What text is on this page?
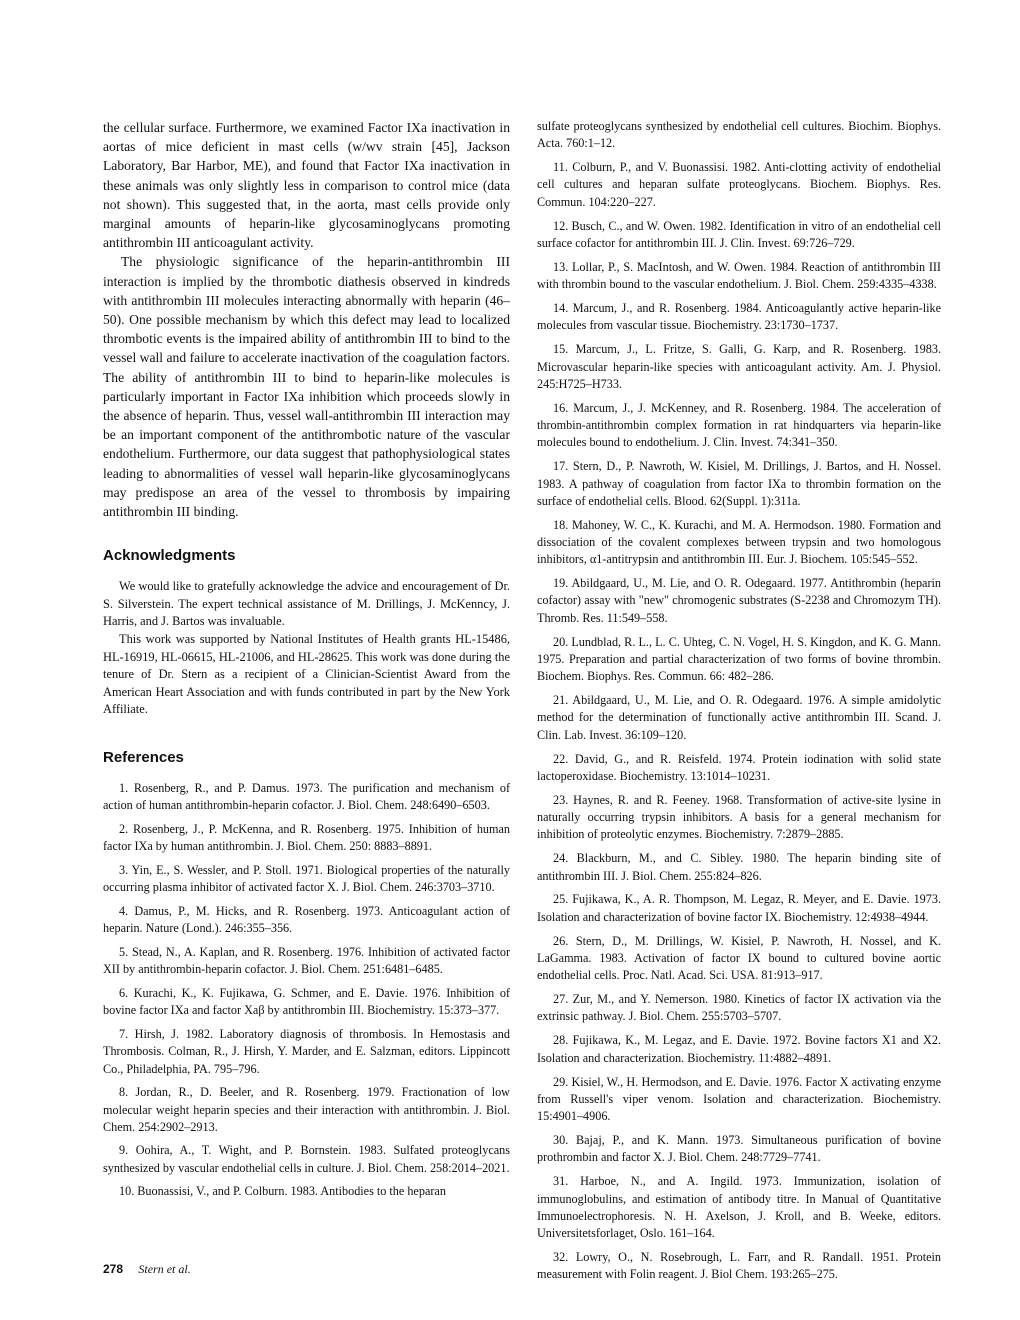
the cellular surface. Furthermore, we examined Factor IXa inactivation in aortas of mice deficient in mast cells (w/wv strain [45], Jackson Laboratory, Bar Harbor, ME), and found that Factor IXa inactivation in these animals was only slightly less in comparison to control mice (data not shown). This suggested that, in the aorta, mast cells provide only marginal amounts of heparin-like glycosaminoglycans promoting antithrombin III anticoagulant activity.

The physiologic significance of the heparin-antithrombin III interaction is implied by the thrombotic diathesis observed in kindreds with antithrombin III molecules interacting abnormally with heparin (46–50). One possible mechanism by which this defect may lead to localized thrombotic events is the impaired ability of antithrombin III to bind to the vessel wall and failure to accelerate inactivation of the coagulation factors. The ability of antithrombin III to bind to heparin-like molecules is particularly important in Factor IXa inhibition which proceeds slowly in the absence of heparin. Thus, vessel wall-antithrombin III interaction may be an important component of the antithrombotic nature of the vascular endothelium. Furthermore, our data suggest that pathophysiological states leading to abnormalities of vessel wall heparin-like glycosaminoglycans may predispose an area of the vessel to thrombosis by impairing antithrombin III binding.

Acknowledgments

We would like to gratefully acknowledge the advice and encouragement of Dr. S. Silverstein. The expert technical assistance of M. Drillings, J. McKenncy, J. Harris, and J. Bartos was invaluable.

This work was supported by National Institutes of Health grants HL-15486, HL-16919, HL-06615, HL-21006, and HL-28625. This work was done during the tenure of Dr. Stern as a recipient of a Clinician-Scientist Award from the American Heart Association and with funds contributed in part by the New York Affiliate.

References

1. Rosenberg, R., and P. Damus. 1973. The purification and mechanism of action of human antithrombin-heparin cofactor. J. Biol. Chem. 248:6490–6503.

2. Rosenberg, J., P. McKenna, and R. Rosenberg. 1975. Inhibition of human factor IXa by human antithrombin. J. Biol. Chem. 250: 8883–8891.

3. Yin, E., S. Wessler, and P. Stoll. 1971. Biological properties of the naturally occurring plasma inhibitor of activated factor X. J. Biol. Chem. 246:3703–3710.

4. Damus, P., M. Hicks, and R. Rosenberg. 1973. Anticoagulant action of heparin. Nature (Lond.). 246:355–356.

5. Stead, N., A. Kaplan, and R. Rosenberg. 1976. Inhibition of activated factor XII by antithrombin-heparin cofactor. J. Biol. Chem. 251:6481–6485.

6. Kurachi, K., K. Fujikawa, G. Schmer, and E. Davie. 1976. Inhibition of bovine factor IXa and factor Xaβ by antithrombin III. Biochemistry. 15:373–377.

7. Hirsh, J. 1982. Laboratory diagnosis of thrombosis. In Hemostasis and Thrombosis. Colman, R., J. Hirsh, Y. Marder, and E. Salzman, editors. Lippincott Co., Philadelphia, PA. 795–796.

8. Jordan, R., D. Beeler, and R. Rosenberg. 1979. Fractionation of low molecular weight heparin species and their interaction with antithrombin. J. Biol. Chem. 254:2902–2913.

9. Oohira, A., T. Wight, and P. Bornstein. 1983. Sulfated proteoglycans synthesized by vascular endothelial cells in culture. J. Biol. Chem. 258:2014–2021.

10. Buonassisi, V., and P. Colburn. 1983. Antibodies to the heparan

sulfate proteoglycans synthesized by endothelial cell cultures. Biochim. Biophys. Acta. 760:1–12.

11. Colburn, P., and V. Buonassisi. 1982. Anti-clotting activity of endothelial cell cultures and heparan sulfate proteoglycans. Biochem. Biophys. Res. Commun. 104:220–227.

12. Busch, C., and W. Owen. 1982. Identification in vitro of an endothelial cell surface cofactor for antithrombin III. J. Clin. Invest. 69:726–729.

13. Lollar, P., S. MacIntosh, and W. Owen. 1984. Reaction of antithrombin III with thrombin bound to the vascular endothelium. J. Biol. Chem. 259:4335–4338.

14. Marcum, J., and R. Rosenberg. 1984. Anticoagulantly active heparin-like molecules from vascular tissue. Biochemistry. 23:1730–1737.

15. Marcum, J., L. Fritze, S. Galli, G. Karp, and R. Rosenberg. 1983. Microvascular heparin-like species with anticoagulant activity. Am. J. Physiol. 245:H725–H733.

16. Marcum, J., J. McKenney, and R. Rosenberg. 1984. The acceleration of thrombin-antithrombin complex formation in rat hindquarters via heparin-like molecules bound to endothelium. J. Clin. Invest. 74:341–350.

17. Stern, D., P. Nawroth, W. Kisiel, M. Drillings, J. Bartos, and H. Nossel. 1983. A pathway of coagulation from factor IXa to thrombin formation on the surface of endothelial cells. Blood. 62(Suppl. 1):311a.

18. Mahoney, W. C., K. Kurachi, and M. A. Hermodson. 1980. Formation and dissociation of the covalent complexes between trypsin and two homologous inhibitors, α1-antitrypsin and antithrombin III. Eur. J. Biochem. 105:545–552.

19. Abildgaard, U., M. Lie, and O. R. Odegaard. 1977. Antithrombin (heparin cofactor) assay with "new" chromogenic substrates (S-2238 and Chromozym TH). Thromb. Res. 11:549–558.

20. Lundblad, R. L., L. C. Uhteg, C. N. Vogel, H. S. Kingdon, and K. G. Mann. 1975. Preparation and partial characterization of two forms of bovine thrombin. Biochem. Biophys. Res. Commun. 66: 482–286.

21. Abildgaard, U., M. Lie, and O. R. Odegaard. 1976. A simple amidolytic method for the determination of functionally active antithrombin III. Scand. J. Clin. Lab. Invest. 36:109–120.

22. David, G., and R. Reisfeld. 1974. Protein iodination with solid state lactoperoxidase. Biochemistry. 13:1014–10231.

23. Haynes, R. and R. Feeney. 1968. Transformation of active-site lysine in naturally occurring trypsin inhibitors. A basis for a general mechanism for inhibition of proteolytic enzymes. Biochemistry. 7:2879–2885.

24. Blackburn, M., and C. Sibley. 1980. The heparin binding site of antithrombin III. J. Biol. Chem. 255:824–826.

25. Fujikawa, K., A. R. Thompson, M. Legaz, R. Meyer, and E. Davie. 1973. Isolation and characterization of bovine factor IX. Biochemistry. 12:4938–4944.

26. Stern, D., M. Drillings, W. Kisiel, P. Nawroth, H. Nossel, and K. LaGamma. 1983. Activation of factor IX bound to cultured bovine aortic endothelial cells. Proc. Natl. Acad. Sci. USA. 81:913–917.

27. Zur, M., and Y. Nemerson. 1980. Kinetics of factor IX activation via the extrinsic pathway. J. Biol. Chem. 255:5703–5707.

28. Fujikawa, K., M. Legaz, and E. Davie. 1972. Bovine factors X1 and X2. Isolation and characterization. Biochemistry. 11:4882–4891.

29. Kisiel, W., H. Hermodson, and E. Davie. 1976. Factor X activating enzyme from Russell's viper venom. Isolation and characterization. Biochemistry. 15:4901–4906.

30. Bajaj, P., and K. Mann. 1973. Simultaneous purification of bovine prothrombin and factor X. J. Biol. Chem. 248:7729–7741.

31. Harboe, N., and A. Ingild. 1973. Immunization, isolation of immunoglobulins, and estimation of antibody titre. In Manual of Quantitative Immunoelectrophoresis. N. H. Axelson, J. Kroll, and B. Weeke, editors. Universitetsforlaget, Oslo. 161–164.

32. Lowry, O., N. Rosebrough, L. Farr, and R. Randall. 1951. Protein measurement with Folin reagent. J. Biol Chem. 193:265–275.

278 Stern et al.
